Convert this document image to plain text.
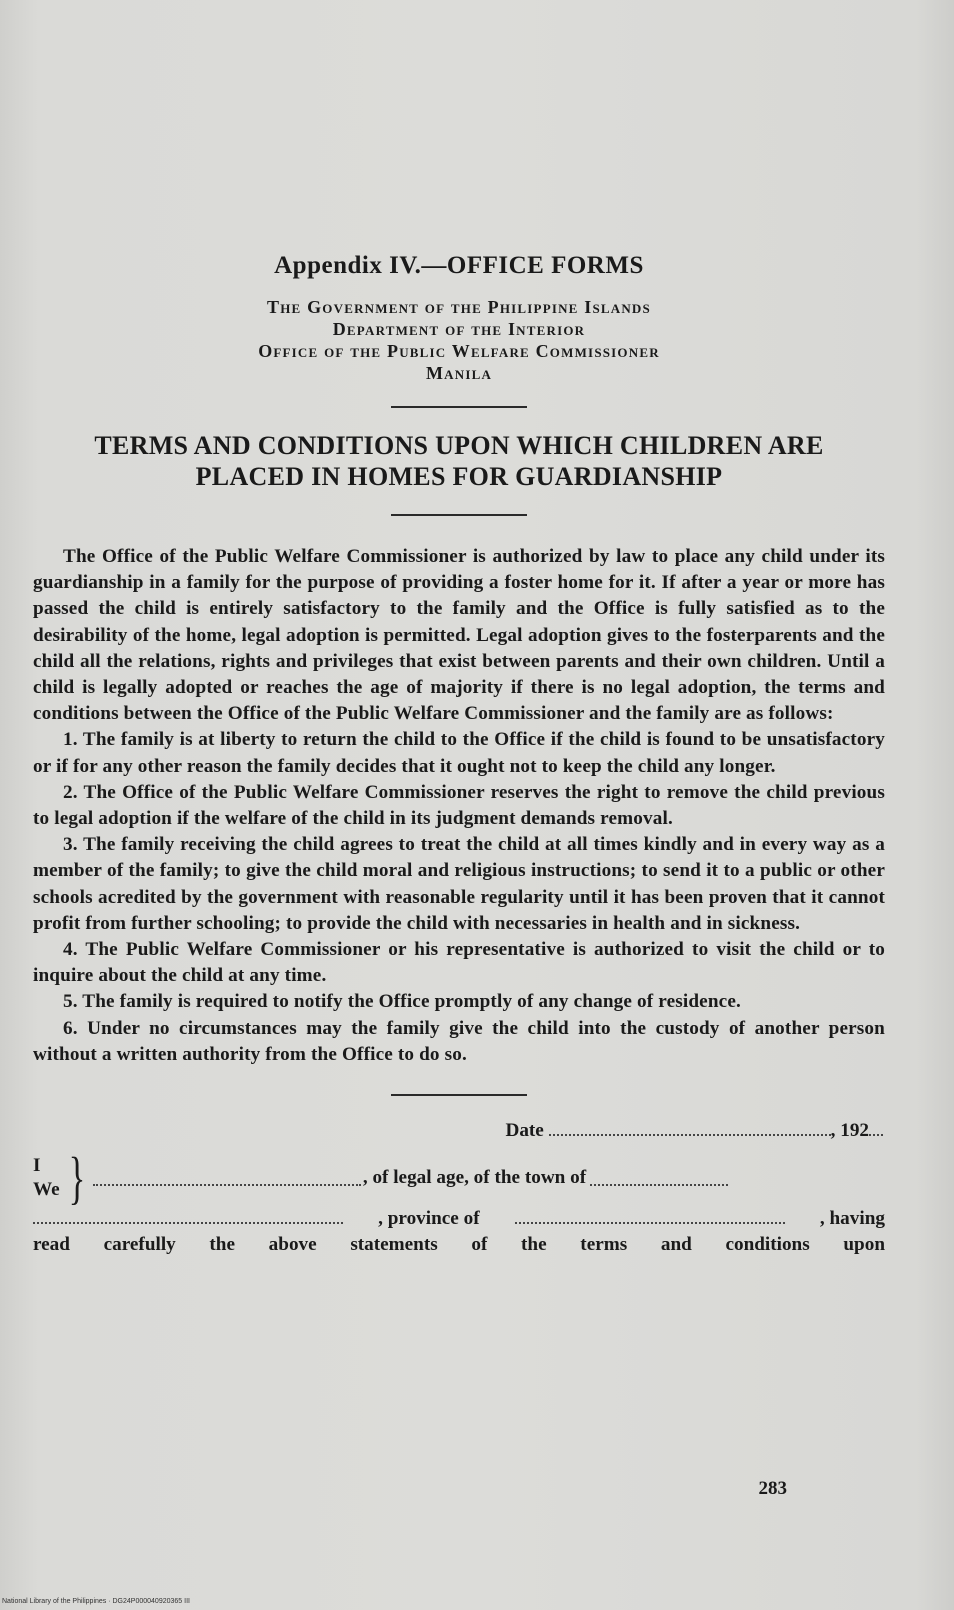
Appendix IV.—OFFICE FORMS

The Government of the Philippine Islands

Department of the Interior

Office of the Public Welfare Commissioner

Manila

TERMS AND CONDITIONS UPON WHICH CHILDREN ARE
PLACED IN HOMES FOR GUARDIANSHIP

The Office of the Public Welfare Commissioner is authorized by law to place any child under its guardianship in a family for the purpose of providing a foster home for it. If after a year or more has passed the child is entirely satisfactory to the family and the Office is fully satisfied as to the desirability of the home, legal adoption is permitted. Legal adoption gives to the fosterparents and the child all the relations, rights and privileges that exist between parents and their own children. Until a child is legally adopted or reaches the age of majority if there is no legal adoption, the terms and conditions between the Office of the Public Welfare Commissioner and the family are as follows:

1. The family is at liberty to return the child to the Office if the child is found to be unsatisfactory or if for any other reason the family decides that it ought not to keep the child any longer.

2. The Office of the Public Welfare Commissioner reserves the right to remove the child previous to legal adoption if the welfare of the child in its judgment demands removal.

3. The family receiving the child agrees to treat the child at all times kindly and in every way as a member of the family; to give the child moral and religious instructions; to send it to a public or other schools acredited by the government with reasonable regularity until it has been proven that it cannot profit from further schooling; to provide the child with necessaries in health and in sickness.

4. The Public Welfare Commissioner or his representative is authorized to visit the child or to inquire about the child at any time.

5. The family is required to notify the Office promptly of any change of residence.

6. Under no circumstances may the family give the child into the custody of another person without a written authority from the Office to do so.

Date	, 192
I
We }	, of legal age, of the town of
, province of	, having
read carefully the above statements of the terms and conditions upon
283
National Library of the Philippines · DG24P000040920365 III
